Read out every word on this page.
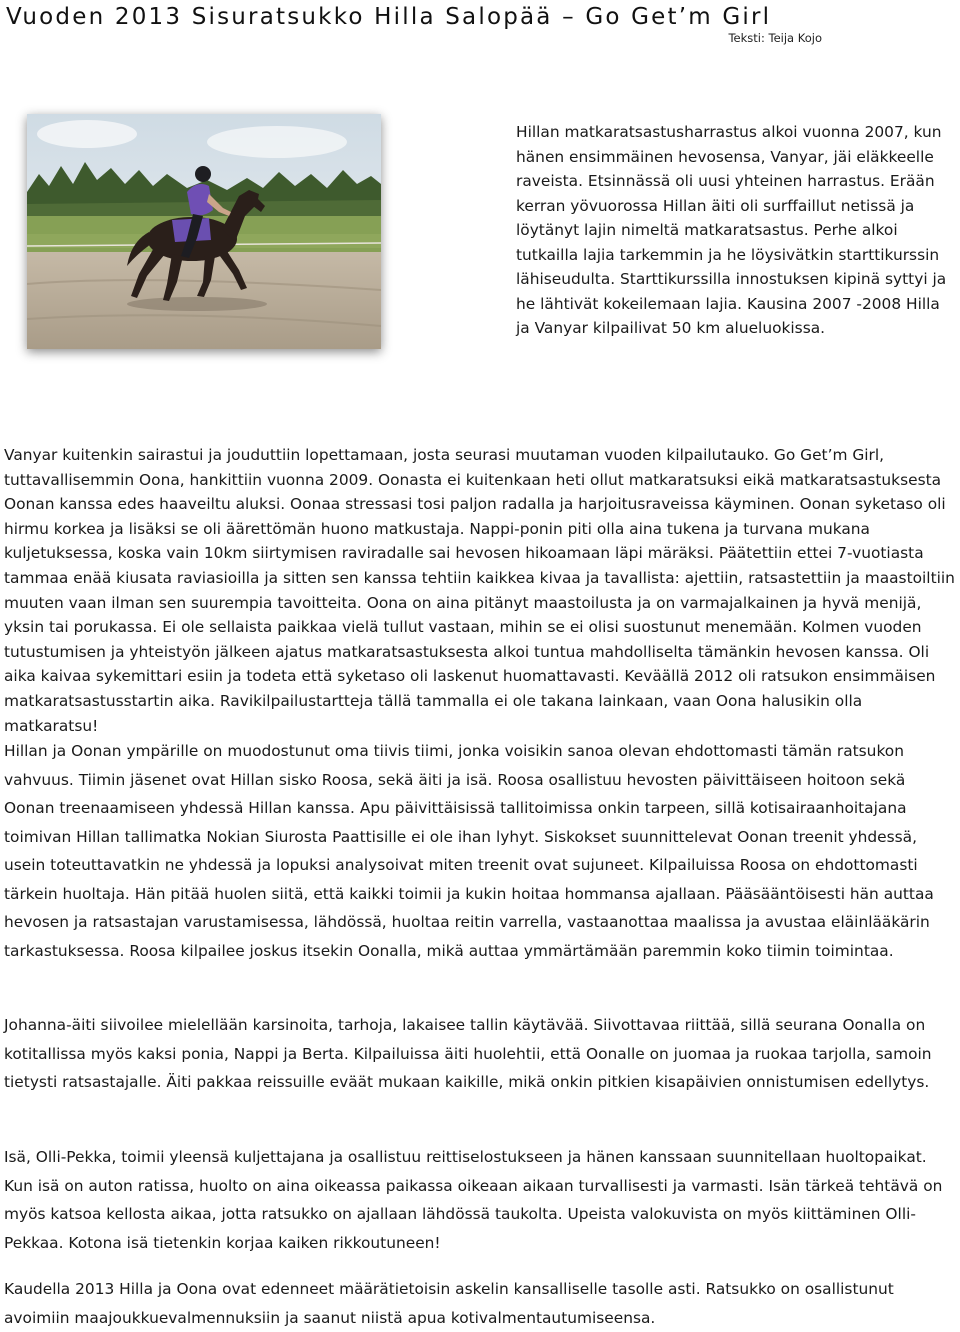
Vuoden 2013 Sisuratsukko Hilla Salopää – Go Get’m Girl
Teksti: Teija Kojo

Hillan matkaratsastusharrastus alkoi vuonna 2007, kun hänen ensimmäinen hevosensa, Vanyar, jäi eläkkeelle raveista. Etsinnässä oli uusi yhteinen harrastus. Erään kerran yövuorossa Hillan äiti oli surffaillut netissä ja löytänyt lajin nimeltä matkaratsastus. Perhe alkoi tutkailla lajia tarkemmin ja he löysivätkin starttikurssin lähiseudulta. Starttikurssilla innostuksen kipinä syttyi ja he lähtivät kokeilemaan lajia. Kausina 2007 -2008 Hilla ja Vanyar kilpailivat 50 km alueluokissa.

Vanyar kuitenkin sairastui ja jouduttiin lopettamaan, josta seurasi muutaman vuoden kilpailutauko. Go Get’m Girl, tuttavallisemmin Oona, hankittiin vuonna 2009. Oonasta ei kuitenkaan heti ollut matkaratsuksi eikä matkaratsastuksesta Oonan kanssa edes haaveiltu aluksi. Oonaa stressasi tosi paljon radalla ja harjoitusraveissa käyminen. Oonan syketaso oli hirmu korkea ja lisäksi se oli äärettömän huono matkustaja. Nappi-ponin piti olla aina tukena ja turvana mukana kuljetuksessa, koska vain 10km siirtymisen raviradalle sai hevosen hikoamaan läpi märäksi. Päätettiin ettei 7-vuotiasta tammaa enää kiusata raviasioilla ja sitten sen kanssa tehtiin kaikkea kivaa ja tavallista: ajettiin, ratsastettiin ja maastoiltiin muuten vaan ilman sen suurempia tavoitteita. Oona on aina pitänyt maastoilusta ja on varmajalkainen ja hyvä menijä, yksin tai porukassa. Ei ole sellaista paikkaa vielä tullut vastaan, mihin se ei olisi suostunut menemään. Kolmen vuoden tutustumisen ja yhteistyön jälkeen ajatus matkaratsastuksesta alkoi tuntua mahdolliselta tämänkin hevosen kanssa. Oli aika kaivaa sykemittari esiin ja todeta että syketaso oli laskenut huomattavasti. Keväällä 2012 oli ratsukon ensimmäisen matkaratsastusstartin aika. Ravikilpailustartteja tällä tammalla ei ole takana lainkaan, vaan Oona halusikin olla matkaratsu!

Hillan ja Oonan ympärille on muodostunut oma tiivis tiimi, jonka voisikin sanoa olevan ehdottomasti tämän ratsukon vahvuus. Tiimin jäsenet ovat Hillan sisko Roosa, sekä äiti ja isä. Roosa osallistuu hevosten päivittäiseen hoitoon sekä Oonan treenaamiseen yhdessä Hillan kanssa. Apu päivittäisissä tallitoimissa onkin tarpeen, sillä kotisairaanhoitajana toimivan Hillan tallimatka Nokian Siurosta Paattisille ei ole ihan lyhyt. Siskokset suunnittelevat Oonan treenit yhdessä, usein toteuttavatkin ne yhdessä ja lopuksi analysoivat miten treenit ovat sujuneet. Kilpailuissa Roosa on ehdottomasti tärkein huoltaja. Hän pitää huolen siitä, että kaikki toimii ja kukin hoitaa hommansa ajallaan. Pääsääntöisesti hän auttaa hevosen ja ratsastajan varustamisessa, lähdössä, huoltaa reitin varrella, vastaanottaa maalissa ja avustaa eläinlääkärin tarkastuksessa. Roosa kilpailee joskus itsekin Oonalla, mikä auttaa ymmärtämään paremmin koko tiimin toimintaa.

Johanna-äiti siivoilee mielellään karsinoita, tarhoja, lakaisee tallin käytävää. Siivottavaa riittää, sillä seurana Oonalla on kotitallissa myös kaksi ponia, Nappi ja Berta. Kilpailuissa äiti huolehtii, että Oonalle on juomaa ja ruokaa tarjolla, samoin tietysti ratsastajalle. Äiti pakkaa reissuille eväät mukaan kaikille, mikä onkin pitkien kisapäivien onnistumisen edellytys.

Isä, Olli-Pekka, toimii yleensä kuljettajana ja osallistuu reittiselostukseen ja hänen kanssaan suunnitellaan huoltopaikat. Kun isä on auton ratissa, huolto on aina oikeassa paikassa oikeaan aikaan turvallisesti ja varmasti. Isän tärkeä tehtävä on myös katsoa kellosta aikaa, jotta ratsukko on ajallaan lähdössä taukolta. Upeista valokuvista on myös kiittäminen Olli-Pekkaa. Kotona isä tietenkin korjaa kaiken rikkoutuneen!

Kaudella 2013 Hilla ja Oona ovat edenneet määrätietoisin askelin kansalliselle tasolle asti. Ratsukko on osallistunut avoimiin maajoukkuevalmennuksiin ja saanut niistä apua kotivalmentautumiseensa.
